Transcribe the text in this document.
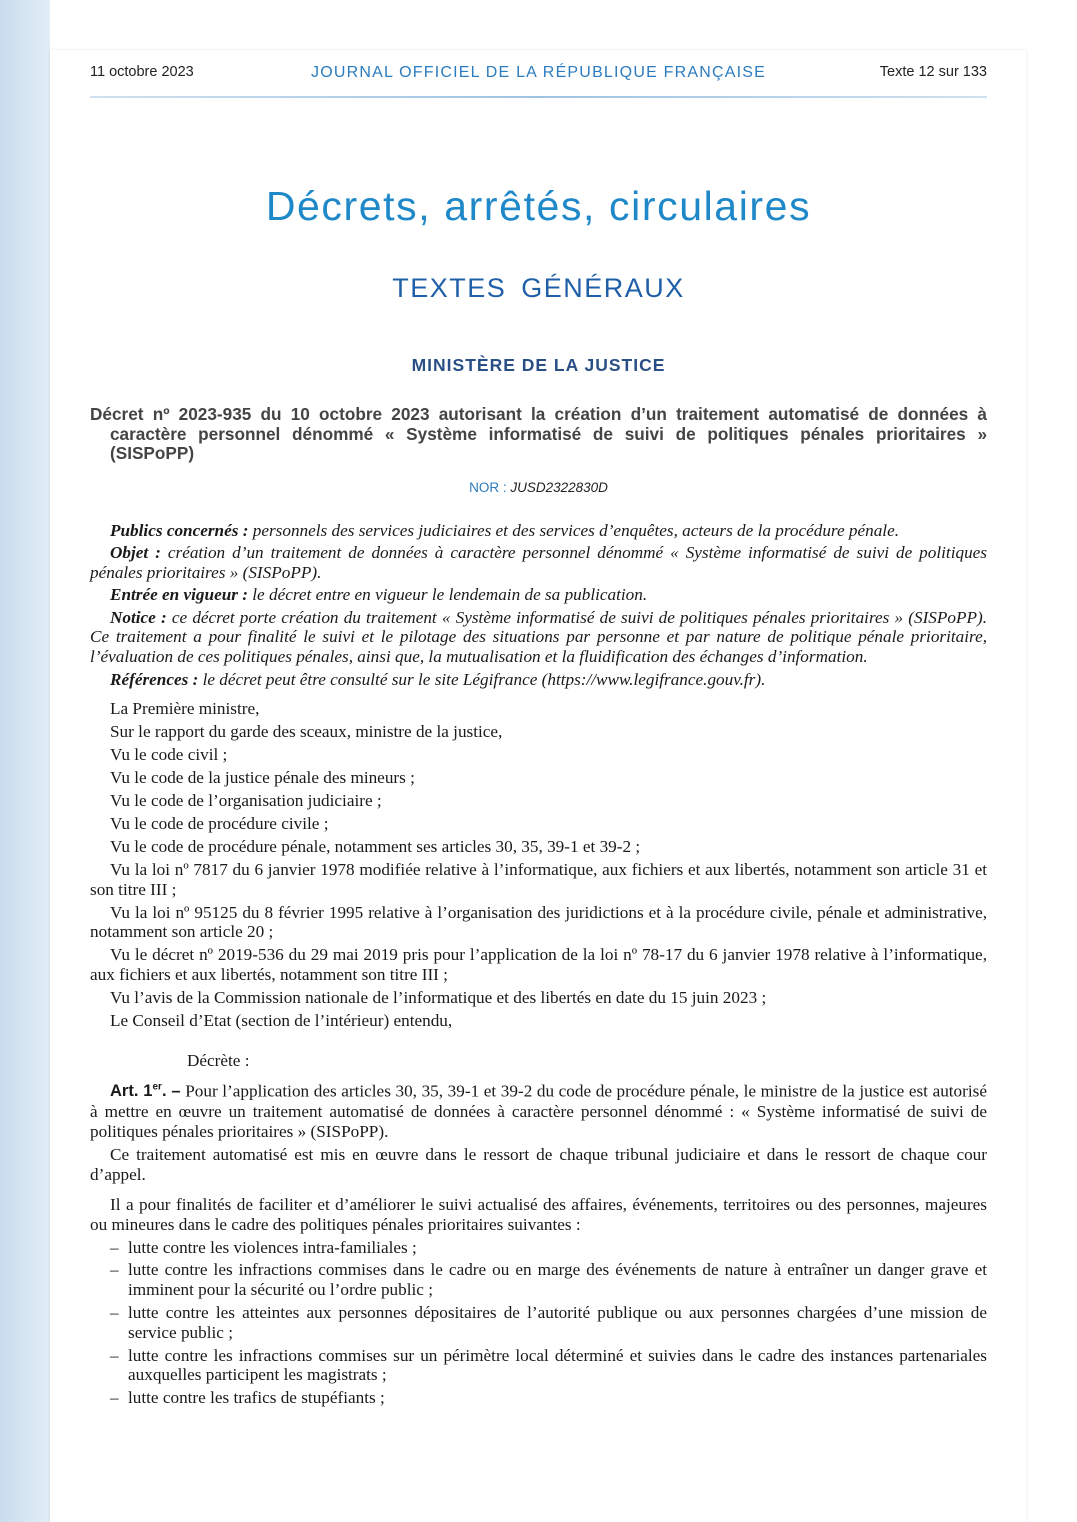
11 octobre 2023	JOURNAL OFFICIEL DE LA RÉPUBLIQUE FRANÇAISE	Texte 12 sur 133
Décrets, arrêtés, circulaires
TEXTES GÉNÉRAUX
MINISTÈRE DE LA JUSTICE
Décret nº 2023-935 du 10 octobre 2023 autorisant la création d’un traitement automatisé de données à caractère personnel dénommé « Système informatisé de suivi de politiques pénales prioritaires » (SISPoPP)
NOR : JUSD2322830D

Publics concernés : personnels des services judiciaires et des services d’enquêtes, acteurs de la procédure pénale.

Objet : création d’un traitement de données à caractère personnel dénommé « Système informatisé de suivi de politiques pénales prioritaires » (SISPoPP).

Entrée en vigueur : le décret entre en vigueur le lendemain de sa publication.

Notice : ce décret porte création du traitement « Système informatisé de suivi de politiques pénales prioritaires » (SISPoPP). Ce traitement a pour finalité le suivi et le pilotage des situations par personne et par nature de politique pénale prioritaire, l’évaluation de ces politiques pénales, ainsi que, la mutualisation et la fluidification des échanges d’information.

Références : le décret peut être consulté sur le site Légifrance (https://www.legifrance.gouv.fr).

La Première ministre,

Sur le rapport du garde des sceaux, ministre de la justice,

Vu le code civil ;

Vu le code de la justice pénale des mineurs ;

Vu le code de l’organisation judiciaire ;

Vu le code de procédure civile ;

Vu le code de procédure pénale, notamment ses articles 30, 35, 39-1 et 39-2 ;

Vu la loi nº 7817 du 6 janvier 1978 modifiée relative à l’informatique, aux fichiers et aux libertés, notamment son article 31 et son titre III ;

Vu la loi nº 95125 du 8 février 1995 relative à l’organisation des juridictions et à la procédure civile, pénale et administrative, notamment son article 20 ;

Vu le décret nº 2019-536 du 29 mai 2019 pris pour l’application de la loi nº 78-17 du 6 janvier 1978 relative à l’informatique, aux fichiers et aux libertés, notamment son titre III ;

Vu l’avis de la Commission nationale de l’informatique et des libertés en date du 15 juin 2023 ;

Le Conseil d’Etat (section de l’intérieur) entendu,

Décrète :

Art. 1er. – Pour l’application des articles 30, 35, 39-1 et 39-2 du code de procédure pénale, le ministre de la justice est autorisé à mettre en œuvre un traitement automatisé de données à caractère personnel dénommé : « Système informatisé de suivi de politiques pénales prioritaires » (SISPoPP).

Ce traitement automatisé est mis en œuvre dans le ressort de chaque tribunal judiciaire et dans le ressort de chaque cour d’appel.

Il a pour finalités de faciliter et d’améliorer le suivi actualisé des affaires, événements, territoires ou des personnes, majeures ou mineures dans le cadre des politiques pénales prioritaires suivantes :

– lutte contre les violences intra-familiales ;
– lutte contre les infractions commises dans le cadre ou en marge des événements de nature à entraîner un danger grave et imminent pour la sécurité ou l’ordre public ;
– lutte contre les atteintes aux personnes dépositaires de l’autorité publique ou aux personnes chargées d’une mission de service public ;
– lutte contre les infractions commises sur un périmètre local déterminé et suivies dans le cadre des instances partenariales auxquelles participent les magistrats ;
– lutte contre les trafics de stupéfiants ;
